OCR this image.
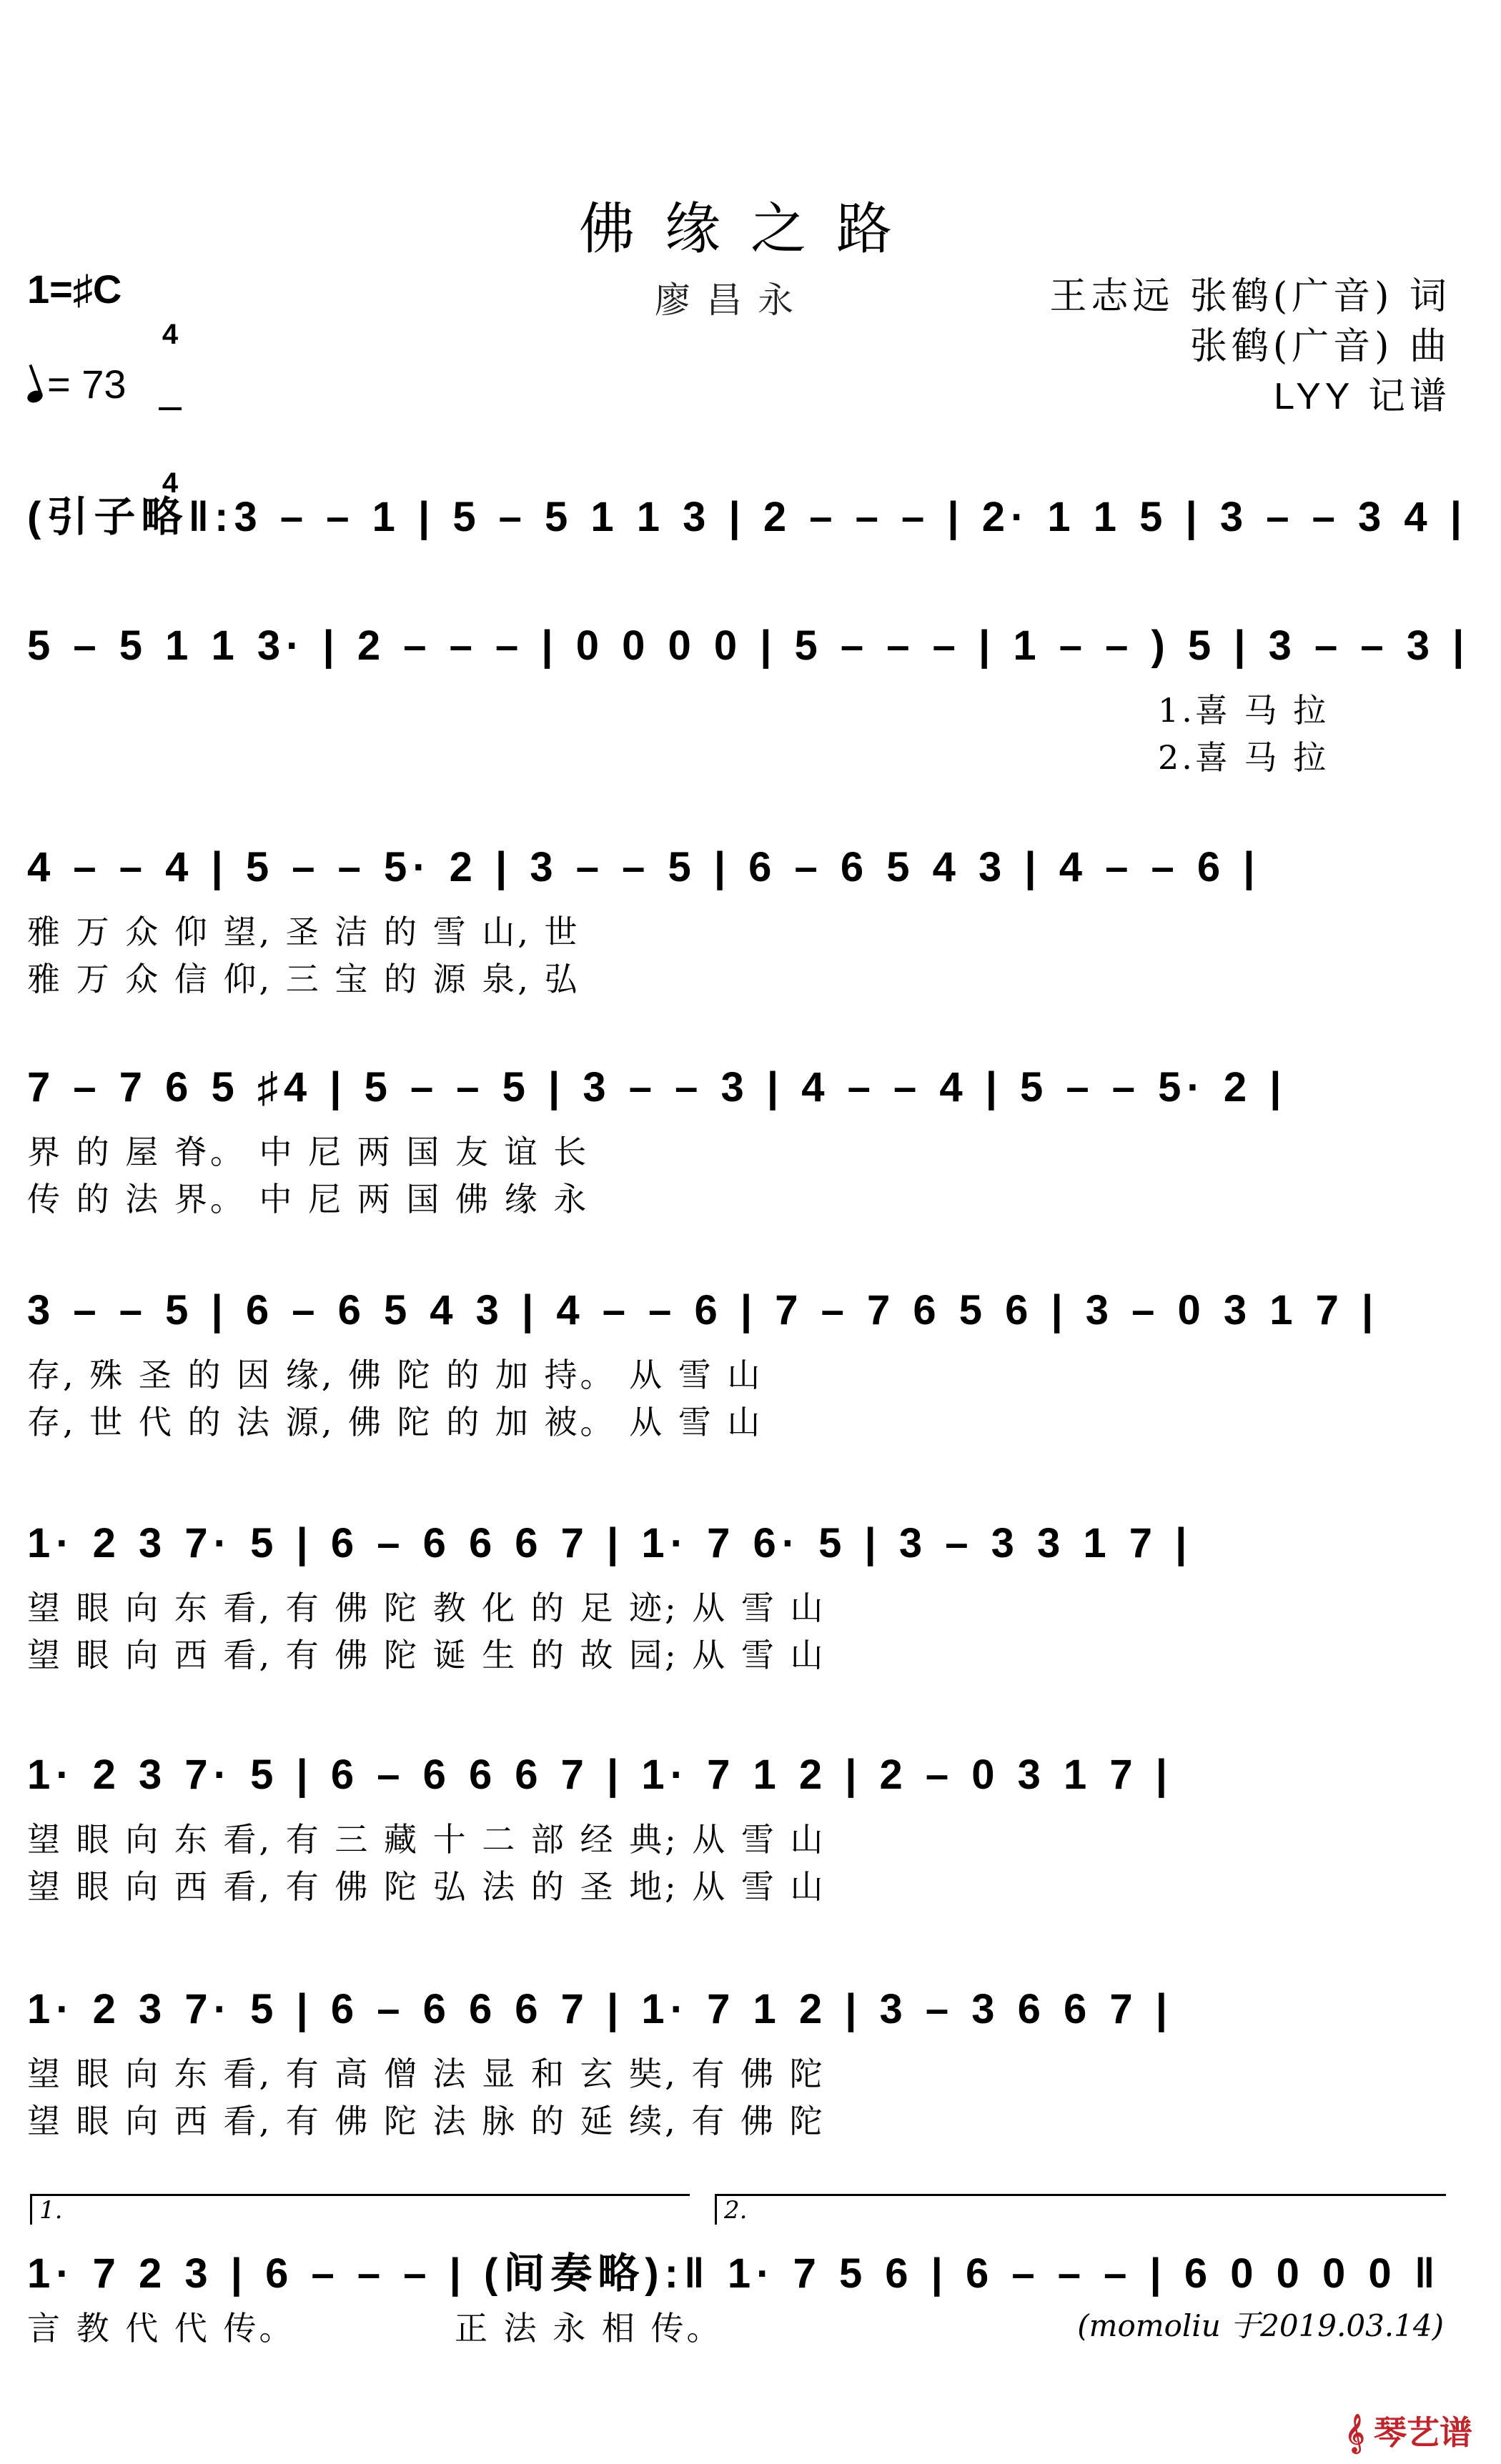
佛缘之路
1=♯C

4

4

= 73
廖昌永	王志远 张鹤(广音) 词
张鹤(广音) 曲
LYY 记谱
(引子略‖:3 – – 1 | 5 – 5 1 1 3 | 2 – – – | 2· 1 1 5 | 3 – – 3 4 |
5 – 5 1 1 3· | 2 – – – | 0 0 0 0 | 5 – – – | 1 – – ) 5 | 3 – – 3 |
1.喜 马 拉
2.喜 马 拉
4 – – 4 | 5 – – 5· 2 | 3 – – 5 | 6 – 6 5 4 3 | 4 – – 6 |
雅 万 众 仰 望, 圣 洁 的 雪 山, 世
雅 万 众 信 仰, 三 宝 的 源 泉, 弘
7 – 7 6 5 ♯4 | 5 – – 5 | 3 – – 3 | 4 – – 4 | 5 – – 5· 2 |
界 的 屋 脊。 中 尼 两 国 友 谊 长
传 的 法 界。 中 尼 两 国 佛 缘 永
3 – – 5 | 6 – 6 5 4 3 | 4 – – 6 | 7 – 7 6 5 6 | 3 – 0 3 1 7 |
存, 殊 圣 的 因 缘, 佛 陀 的 加 持。 从 雪 山
存, 世 代 的 法 源, 佛 陀 的 加 被。 从 雪 山
1· 2 3 7· 5 | 6 – 6 6 6 7 | 1· 7 6· 5 | 3 – 3 3 1 7 |
望 眼 向 东 看, 有 佛 陀 教 化 的 足 迹; 从 雪 山
望 眼 向 西 看, 有 佛 陀 诞 生 的 故 园; 从 雪 山
1· 2 3 7· 5 | 6 – 6 6 6 7 | 1· 7 1 2 | 2 – 0 3 1 7 |
望 眼 向 东 看, 有 三 藏 十 二 部 经 典; 从 雪 山
望 眼 向 西 看, 有 佛 陀 弘 法 的 圣 地; 从 雪 山
1· 2 3 7· 5 | 6 – 6 6 6 7 | 1· 7 1 2 | 3 – 3 6 6 7 |
望 眼 向 东 看, 有 高 僧 法 显 和 玄 奘, 有 佛 陀
望 眼 向 西 看, 有 佛 陀 法 脉 的 延 续, 有 佛 陀
1.	2.
1· 7 2 3 | 6 – – – | (间奏略):‖ 1· 7 5 6 | 6 – – – | 6 0 0 0 0 ‖
言 教 代 代 传。            正 法 永 相 传。	(momoliu 于2019.03.14)
𝄞 琴艺谱
